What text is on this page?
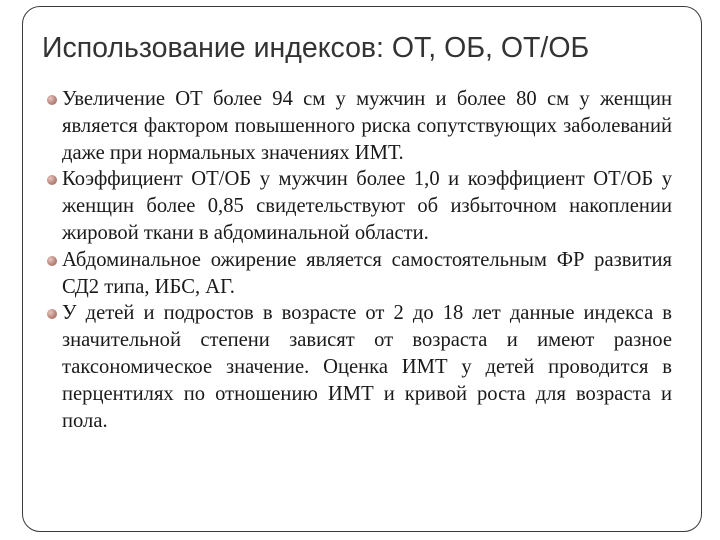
Использование индексов: ОТ, ОБ, ОТ/ОБ
Увеличение ОТ более 94 см у мужчин и более 80 см у женщин является фактором повышенного риска сопутствующих заболеваний даже при нормальных значениях ИМТ.
Коэффициент ОТ/ОБ у мужчин более 1,0 и коэффициент ОТ/ОБ у женщин более 0,85 свидетельствуют об избыточном накоплении жировой ткани в абдоминальной области.
Абдоминальное ожирение является самостоятельным ФР развития СД2 типа, ИБС, АГ.
У детей и подростов в возрасте от 2 до 18 лет данные индекса в значительной степени зависят от возраста и имеют разное таксономическое значение. Оценка ИМТ у детей проводится в перцентилях по отношению ИМТ и кривой роста для возраста и пола.
